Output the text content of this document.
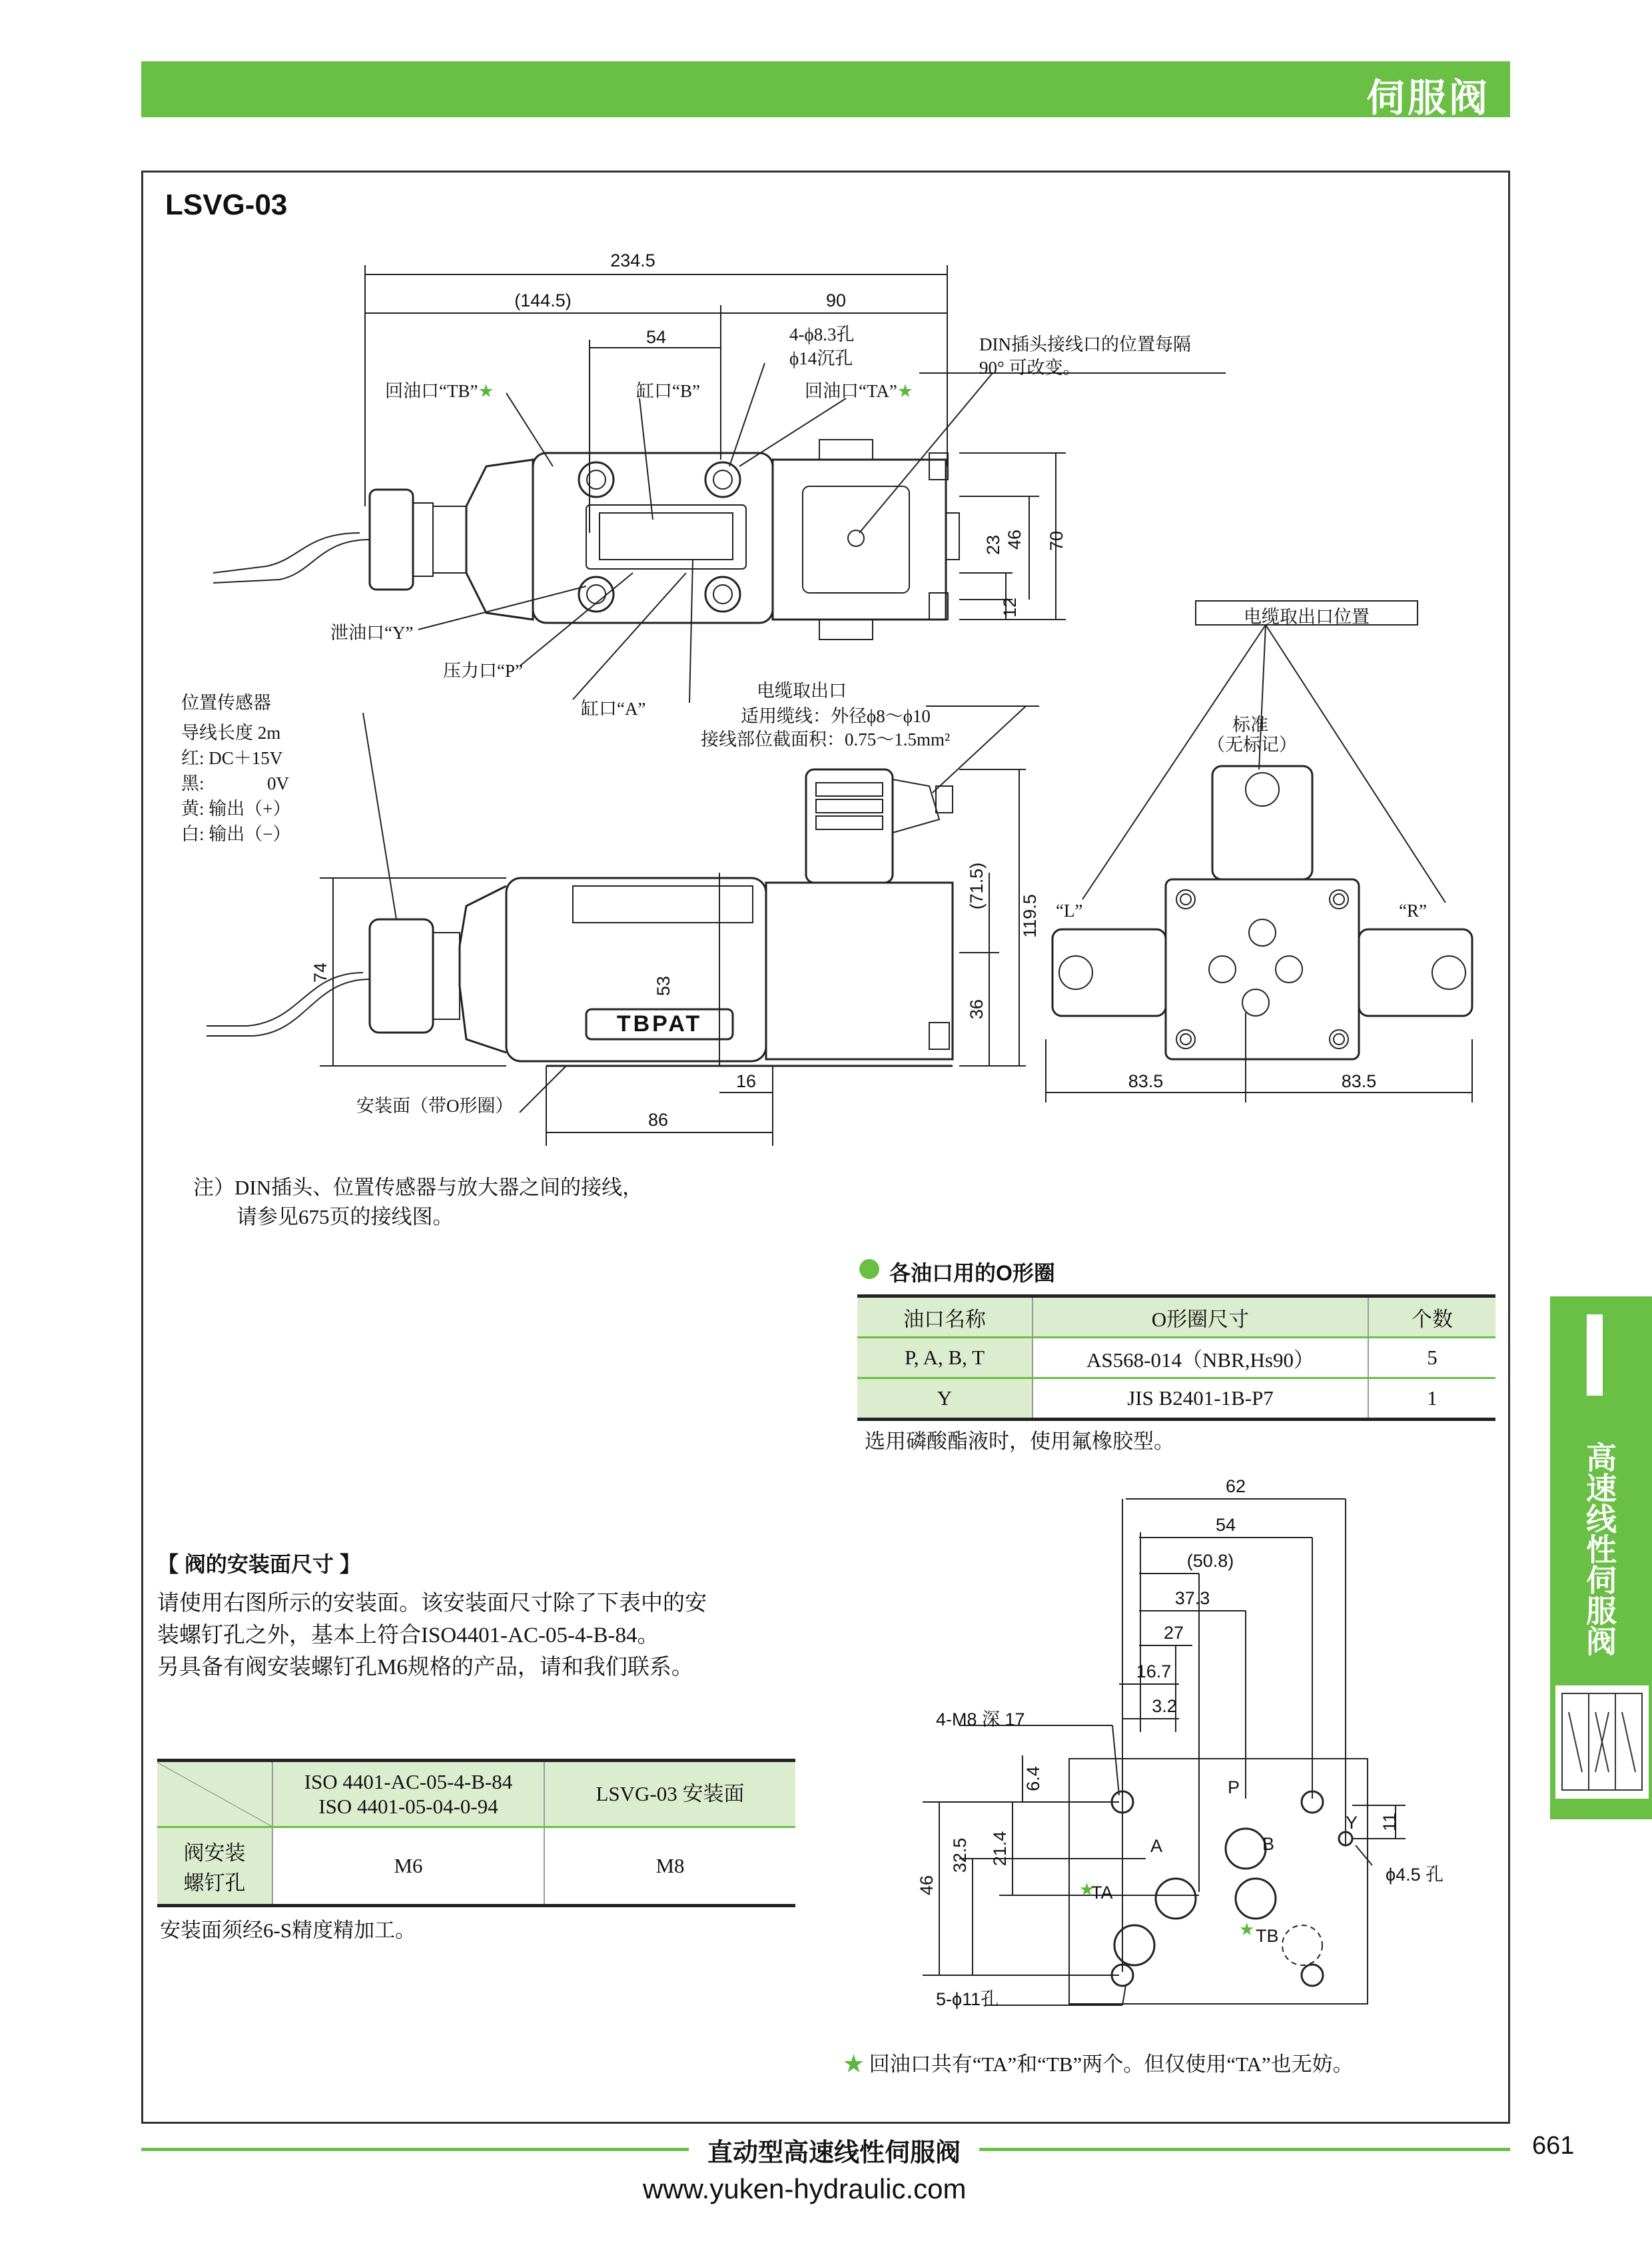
伺服阀
LSVG-03
234.5
(144.5)	90
54
70
46
23
12
119.5
(71.5)
36
74
53
16
86
TBPAT
83.5	83.5
62
54
(50.8)
37.3
27
16.7
3.2
6.4
21.4
32.5
46
11
P
A	B
Y
TA
TB
4-M8 深 17
5-ϕ11孔
ϕ4.5 孔
★
★
4-ϕ8.3孔
ϕ14沉孔
回油口“TB”★	缸口“B”	回油口“TA”★
DIN插头接线口的位置每隔
90° 可改变。
泄油口“Y”
压力口“P”
缸口“A”
电缆取出口
适用缆线：外径ϕ8～ϕ10
接线部位截面积：0.75～1.5mm²
位置传感器
导线长度 2m
红: DC＋15V
黑:              0V
黄: 输出（+）
白: 输出（−）
安装面（带O形圈）
电缆取出口位置
标准
（无标记）
“L”	“R”
注）DIN插头、位置传感器与放大器之间的接线，
请参见675页的接线图。
各油口用的O形圈
油口名称	O形圈尺寸	个数
P, A, B, T	AS568-014（NBR,Hs90）	5
Y	JIS B2401-1B-P7	1
选用磷酸酯液时，使用氟橡胶型。
【 阀的安装面尺寸 】
请使用右图所示的安装面。该安装面尺寸除了下表中的安
装螺钉孔之外，基本上符合ISO4401-AC-05-4-B-84。
另具备有阀安装螺钉孔M6规格的产品，请和我们联系。

	ISO 4401-AC-05-4-B-84
ISO 4401-05-04-0-94	LSVG-03 安装面

阀安装
螺钉孔	M6	M8
安装面须经6-S精度精加工。
★ 回油口共有“TA”和“TB”两个。但仅使用“TA”也无妨。
高速线性伺服阀
直动型高速线性伺服阀	661
www.yuken-hydraulic.com
